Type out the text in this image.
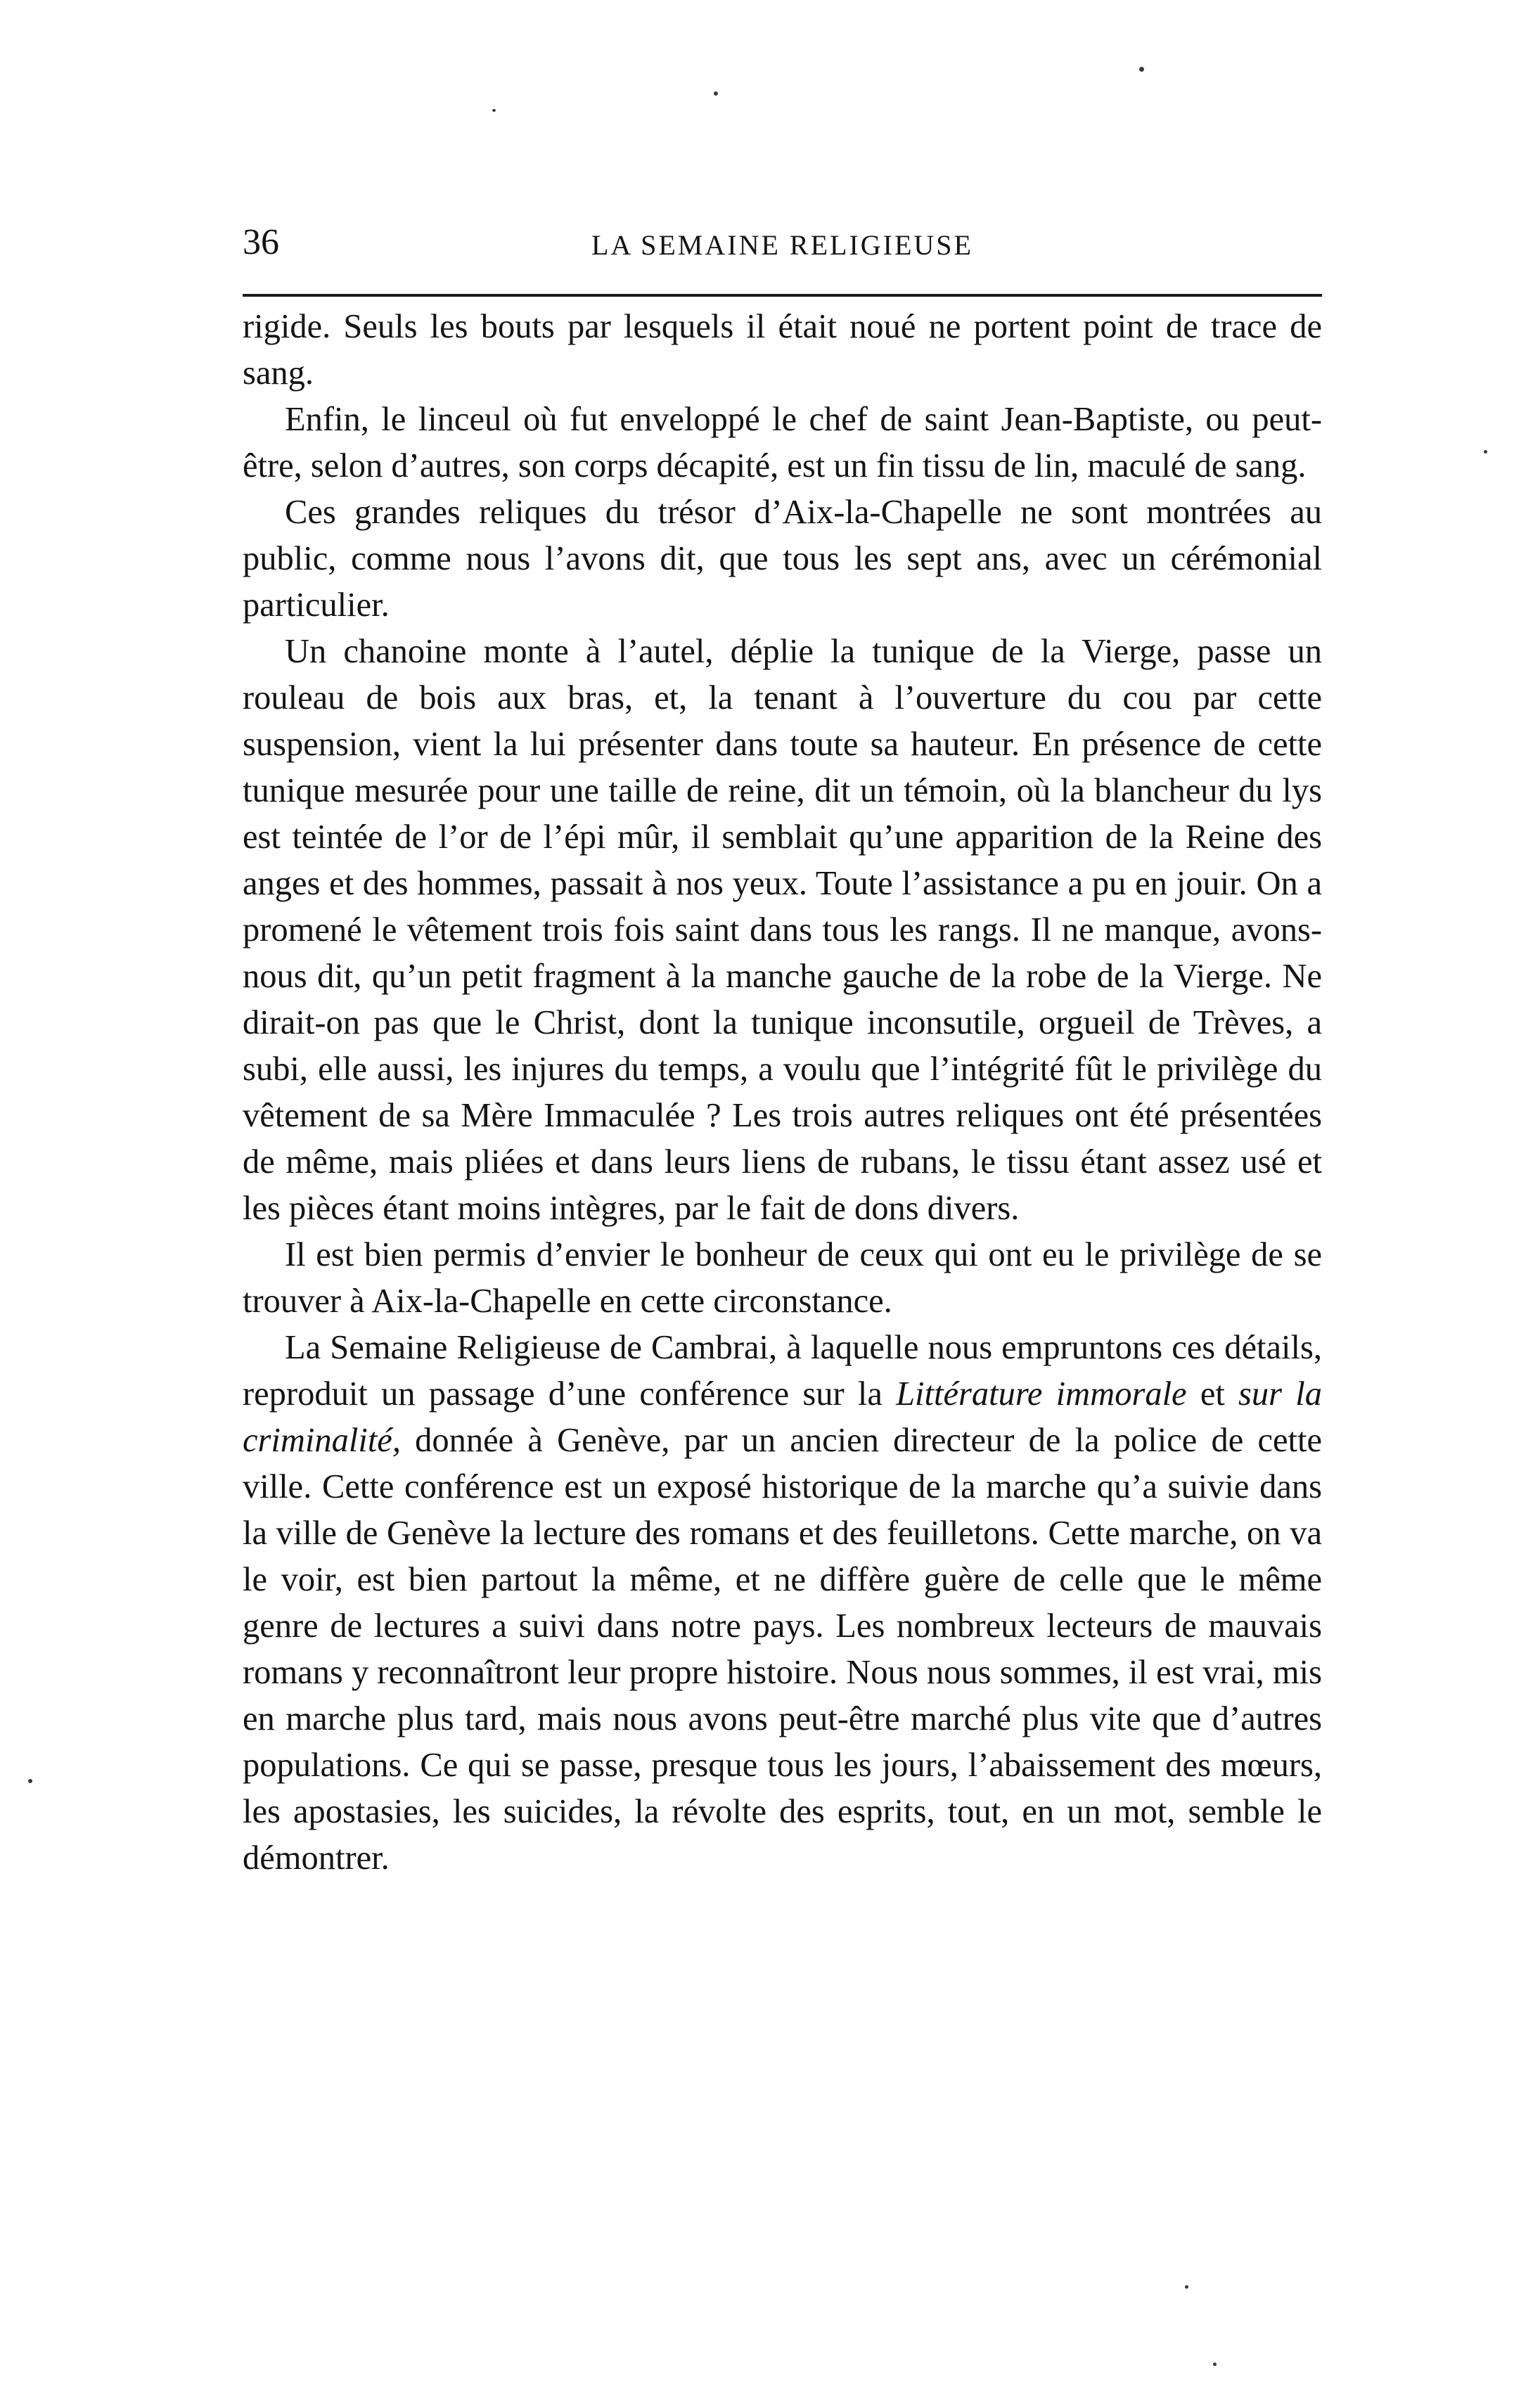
36	LA SEMAINE RELIGIEUSE

rigide. Seuls les bouts par lesquels il était noué ne portent point de trace de sang.

Enfin, le linceul où fut enveloppé le chef de saint Jean-Baptiste, ou peut-être, selon d’autres, son corps décapité, est un fin tissu de lin, maculé de sang.

Ces grandes reliques du trésor d’Aix-la-Chapelle ne sont montrées au public, comme nous l’avons dit, que tous les sept ans, avec un cérémonial particulier.

Un chanoine monte à l’autel, déplie la tunique de la Vierge, passe un rouleau de bois aux bras, et, la tenant à l’ouverture du cou par cette suspension, vient la lui présenter dans toute sa hauteur. En présence de cette tunique mesurée pour une taille de reine, dit un témoin, où la blancheur du lys est teintée de l’or de l’épi mûr, il semblait qu’une apparition de la Reine des anges et des hommes, passait à nos yeux. Toute l’assistance a pu en jouir. On a promené le vêtement trois fois saint dans tous les rangs. Il ne manque, avons-nous dit, qu’un petit fragment à la manche gauche de la robe de la Vierge. Ne dirait-on pas que le Christ, dont la tunique inconsutile, orgueil de Trèves, a subi, elle aussi, les injures du temps, a voulu que l’intégrité fût le privilège du vêtement de sa Mère Immaculée ? Les trois autres reliques ont été présentées de même, mais pliées et dans leurs liens de rubans, le tissu étant assez usé et les pièces étant moins intègres, par le fait de dons divers.

Il est bien permis d’envier le bonheur de ceux qui ont eu le privilège de se trouver à Aix-la-Chapelle en cette circonstance.

La Semaine Religieuse de Cambrai, à laquelle nous empruntons ces détails, reproduit un passage d’une conférence sur la Littérature immorale et sur la criminalité, donnée à Genève, par un ancien directeur de la police de cette ville. Cette conférence est un exposé historique de la marche qu’a suivie dans la ville de Genève la lecture des romans et des feuilletons. Cette marche, on va le voir, est bien partout la même, et ne diffère guère de celle que le même genre de lectures a suivi dans notre pays. Les nombreux lecteurs de mauvais romans y reconnaîtront leur propre histoire. Nous nous sommes, il est vrai, mis en marche plus tard, mais nous avons peut-être marché plus vite que d’autres populations. Ce qui se passe, presque tous les jours, l’abaissement des mœurs, les apostasies, les suicides, la révolte des esprits, tout, en un mot, semble le démontrer.
